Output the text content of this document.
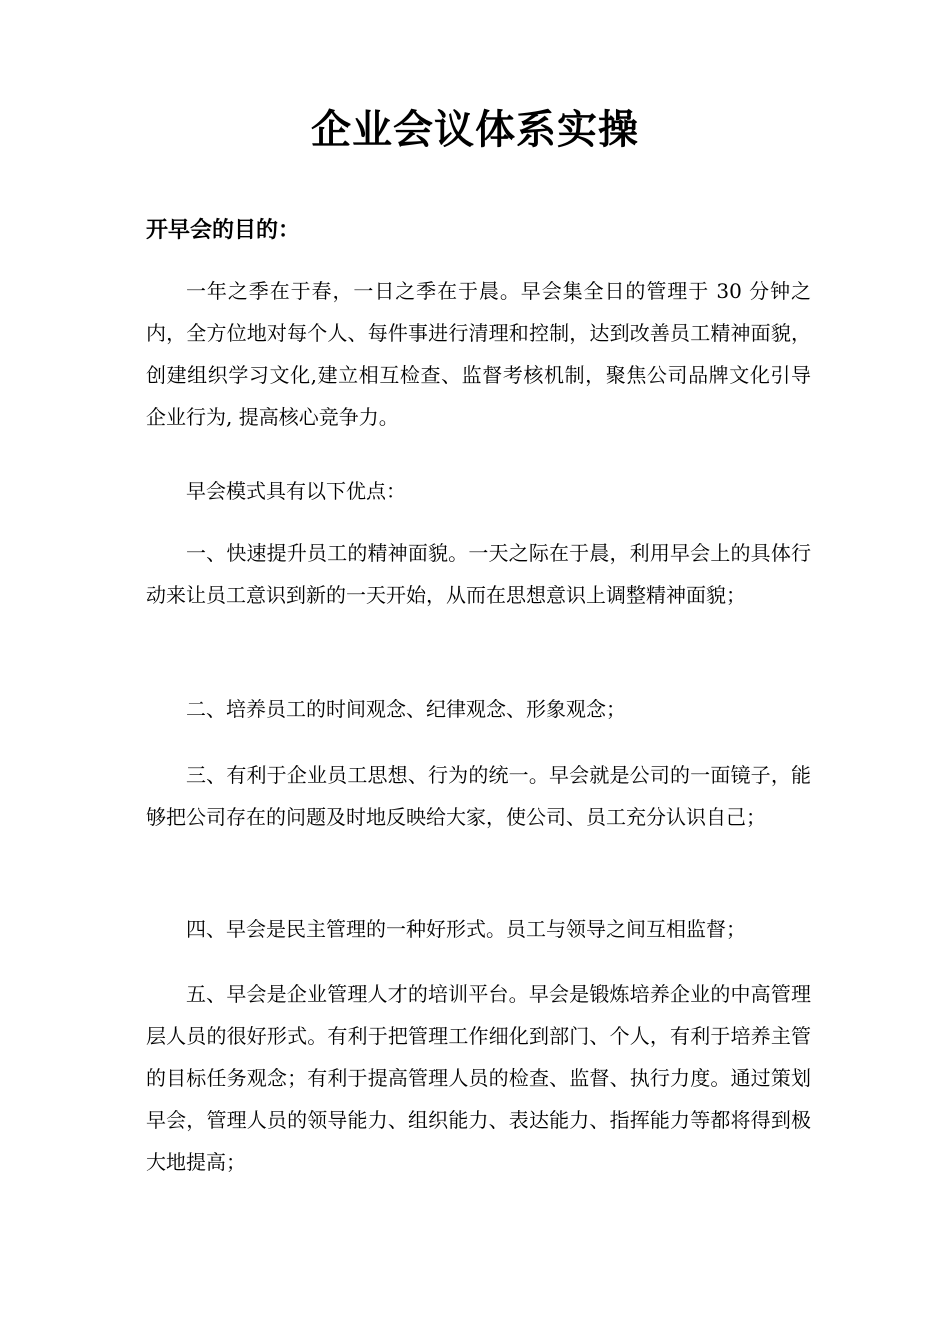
企业会议体系实操
开早会的目的：

一年之季在于春，一日之季在于晨。早会集全日的管理于 30 分钟之内，全方位地对每个人、每件事进行清理和控制，达到改善员工精神面貌，创建组织学习文化,建立相互检查、监督考核机制，聚焦公司品牌文化引导企业行为, 提高核心竞争力。

早会模式具有以下优点：

一、快速提升员工的精神面貌。一天之际在于晨，利用早会上的具体行动来让员工意识到新的一天开始，从而在思想意识上调整精神面貌；

二、培养员工的时间观念、纪律观念、形象观念；

三、有利于企业员工思想、行为的统一。早会就是公司的一面镜子，能够把公司存在的问题及时地反映给大家，使公司、员工充分认识自己；

四、早会是民主管理的一种好形式。员工与领导之间互相监督；

五、早会是企业管理人才的培训平台。早会是锻炼培养企业的中高管理层人员的很好形式。有利于把管理工作细化到部门、个人，有利于培养主管的目标任务观念；有利于提高管理人员的检查、监督、执行力度。通过策划早会，管理人员的领导能力、组织能力、表达能力、指挥能力等都将得到极大地提高；
